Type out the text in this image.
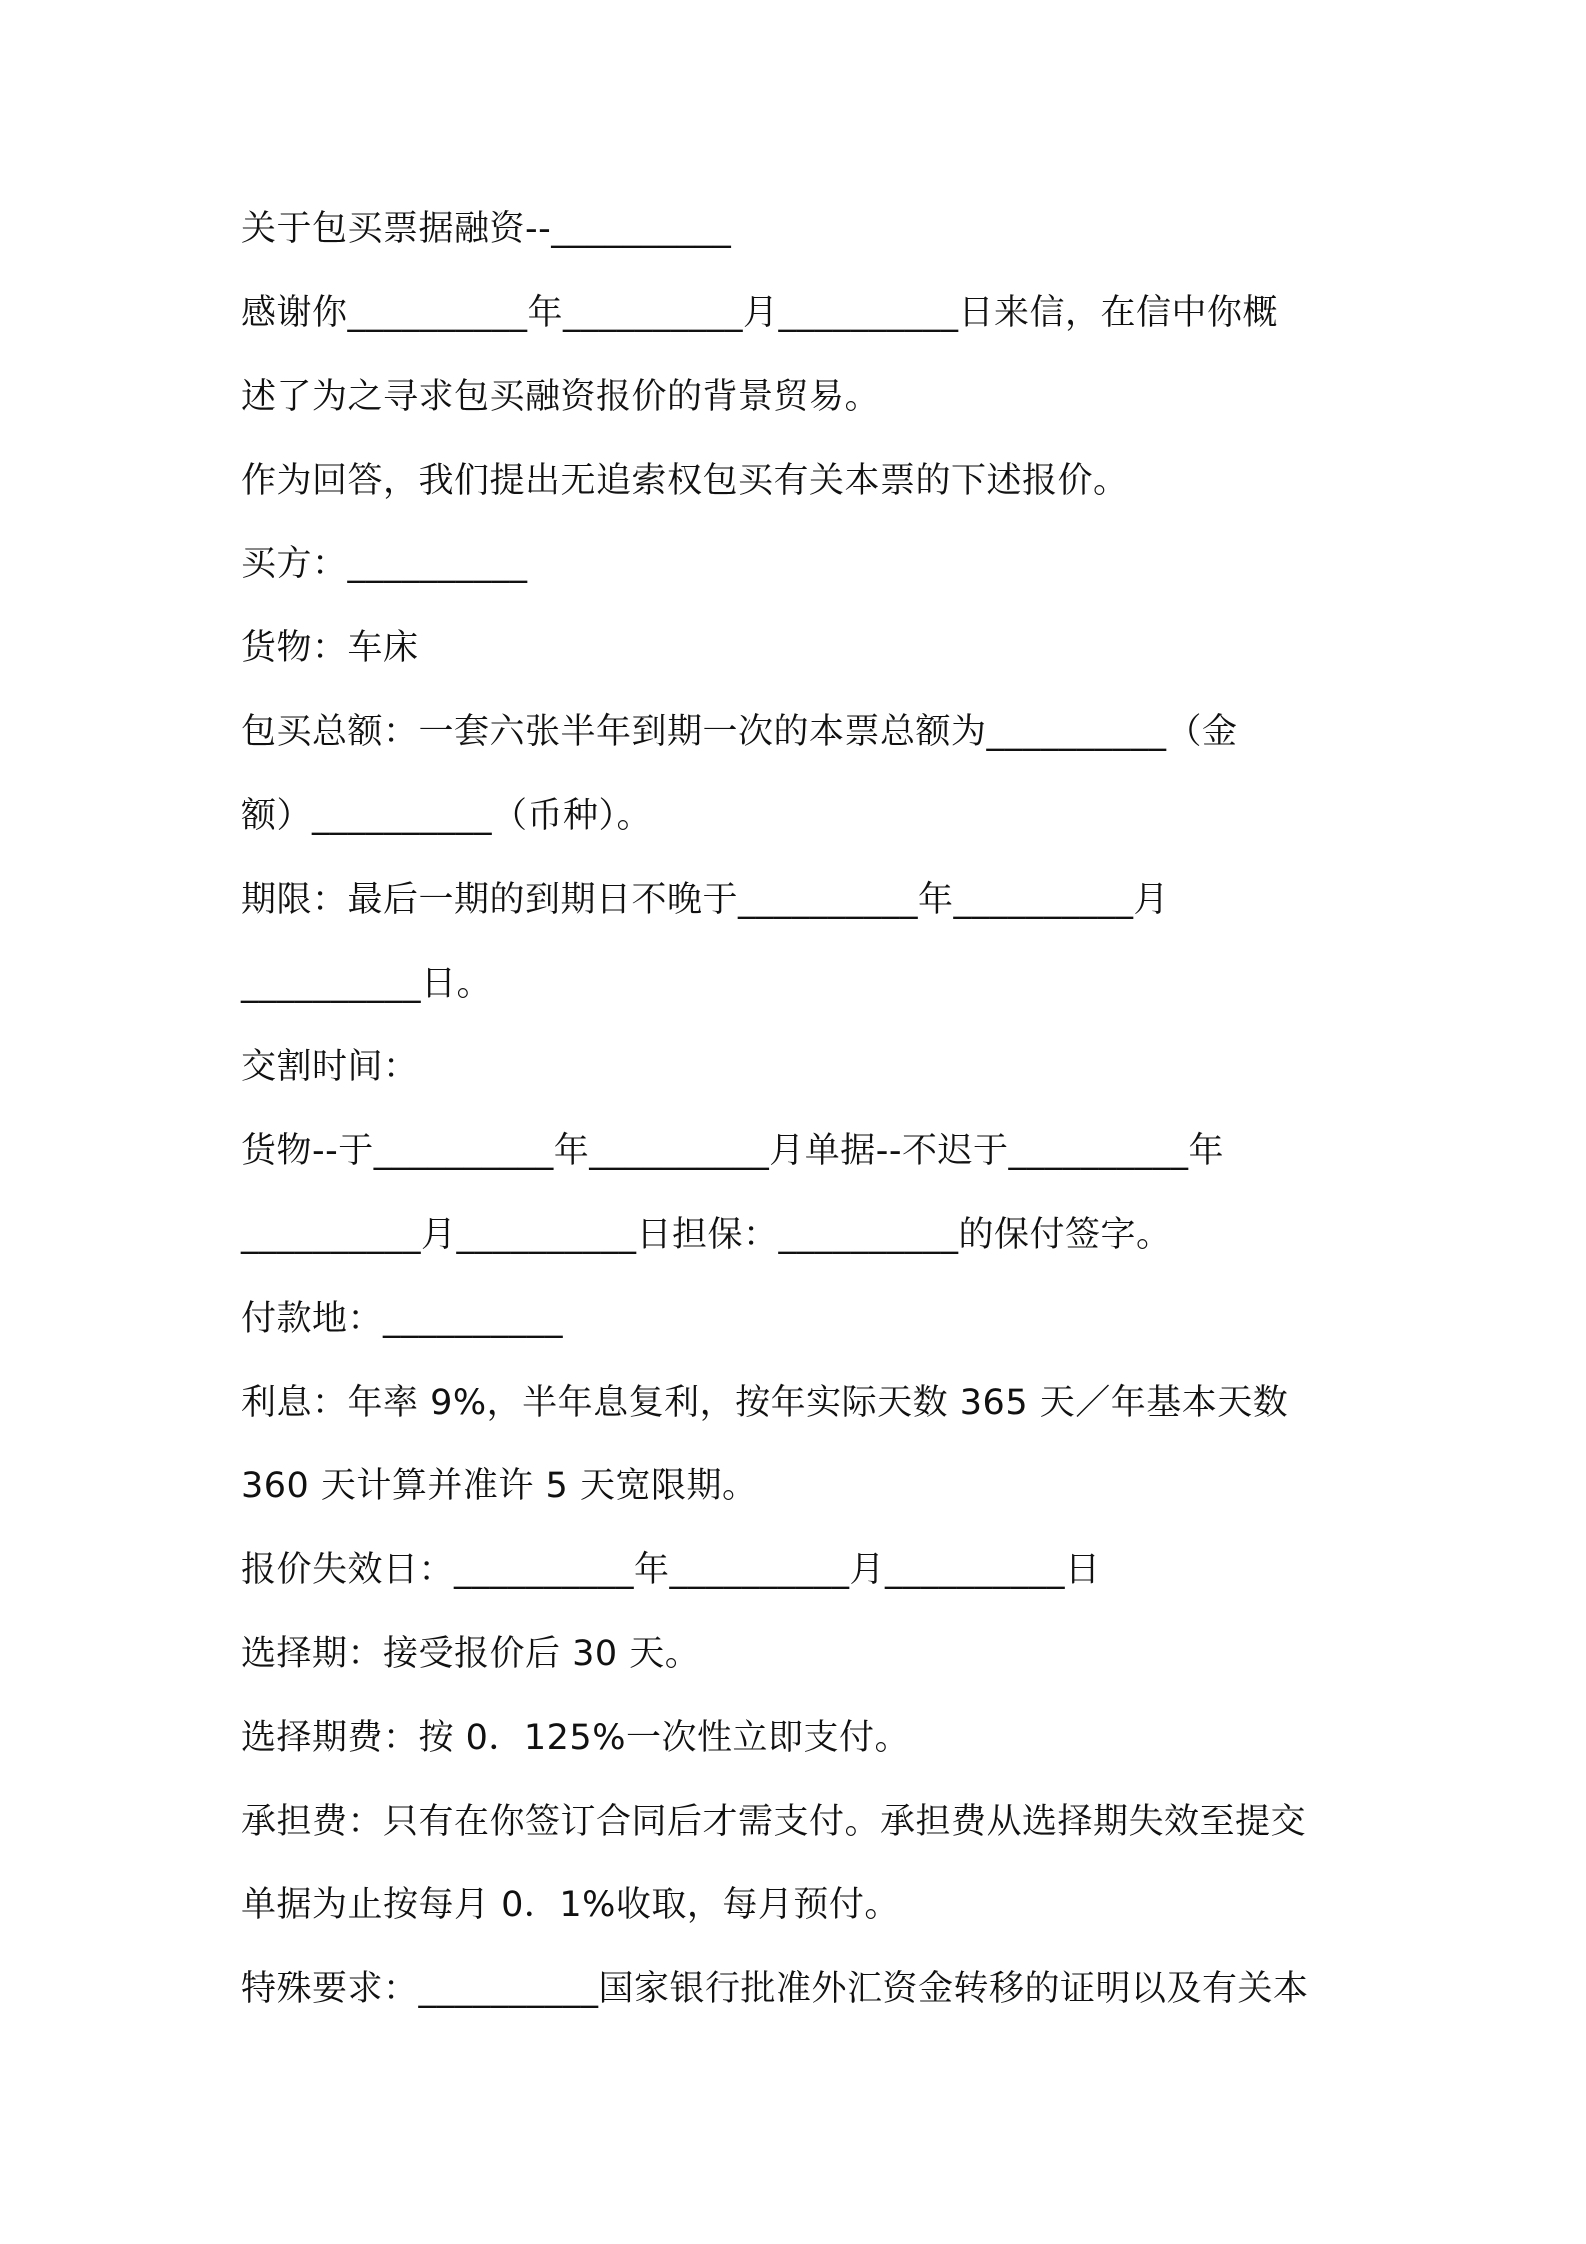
关于包买票据融资--__________

感谢你__________年__________月__________日来信，在信中你概

述了为之寻求包买融资报价的背景贸易。

作为回答，我们提出无追索权包买有关本票的下述报价。

买方：__________

货物：车床

包买总额：一套六张半年到期一次的本票总额为__________（金

额）__________（币种）。

期限：最后一期的到期日不晚于__________年__________月

__________日。

交割时间：

货物--于__________年__________月单据--不迟于__________年

__________月__________日担保：__________的保付签字。

付款地：__________

利息：年率 9%，半年息复利，按年实际天数 365 天／年基本天数

360 天计算并准许 5 天宽限期。

报价失效日：__________年__________月__________日

选择期：接受报价后 30 天。

选择期费：按 0．125%一次性立即支付。

承担费：只有在你签订合同后才需支付。承担费从选择期失效至提交

单据为止按每月 0．1%收取，每月预付。

特殊要求：__________国家银行批准外汇资金转移的证明以及有关本
